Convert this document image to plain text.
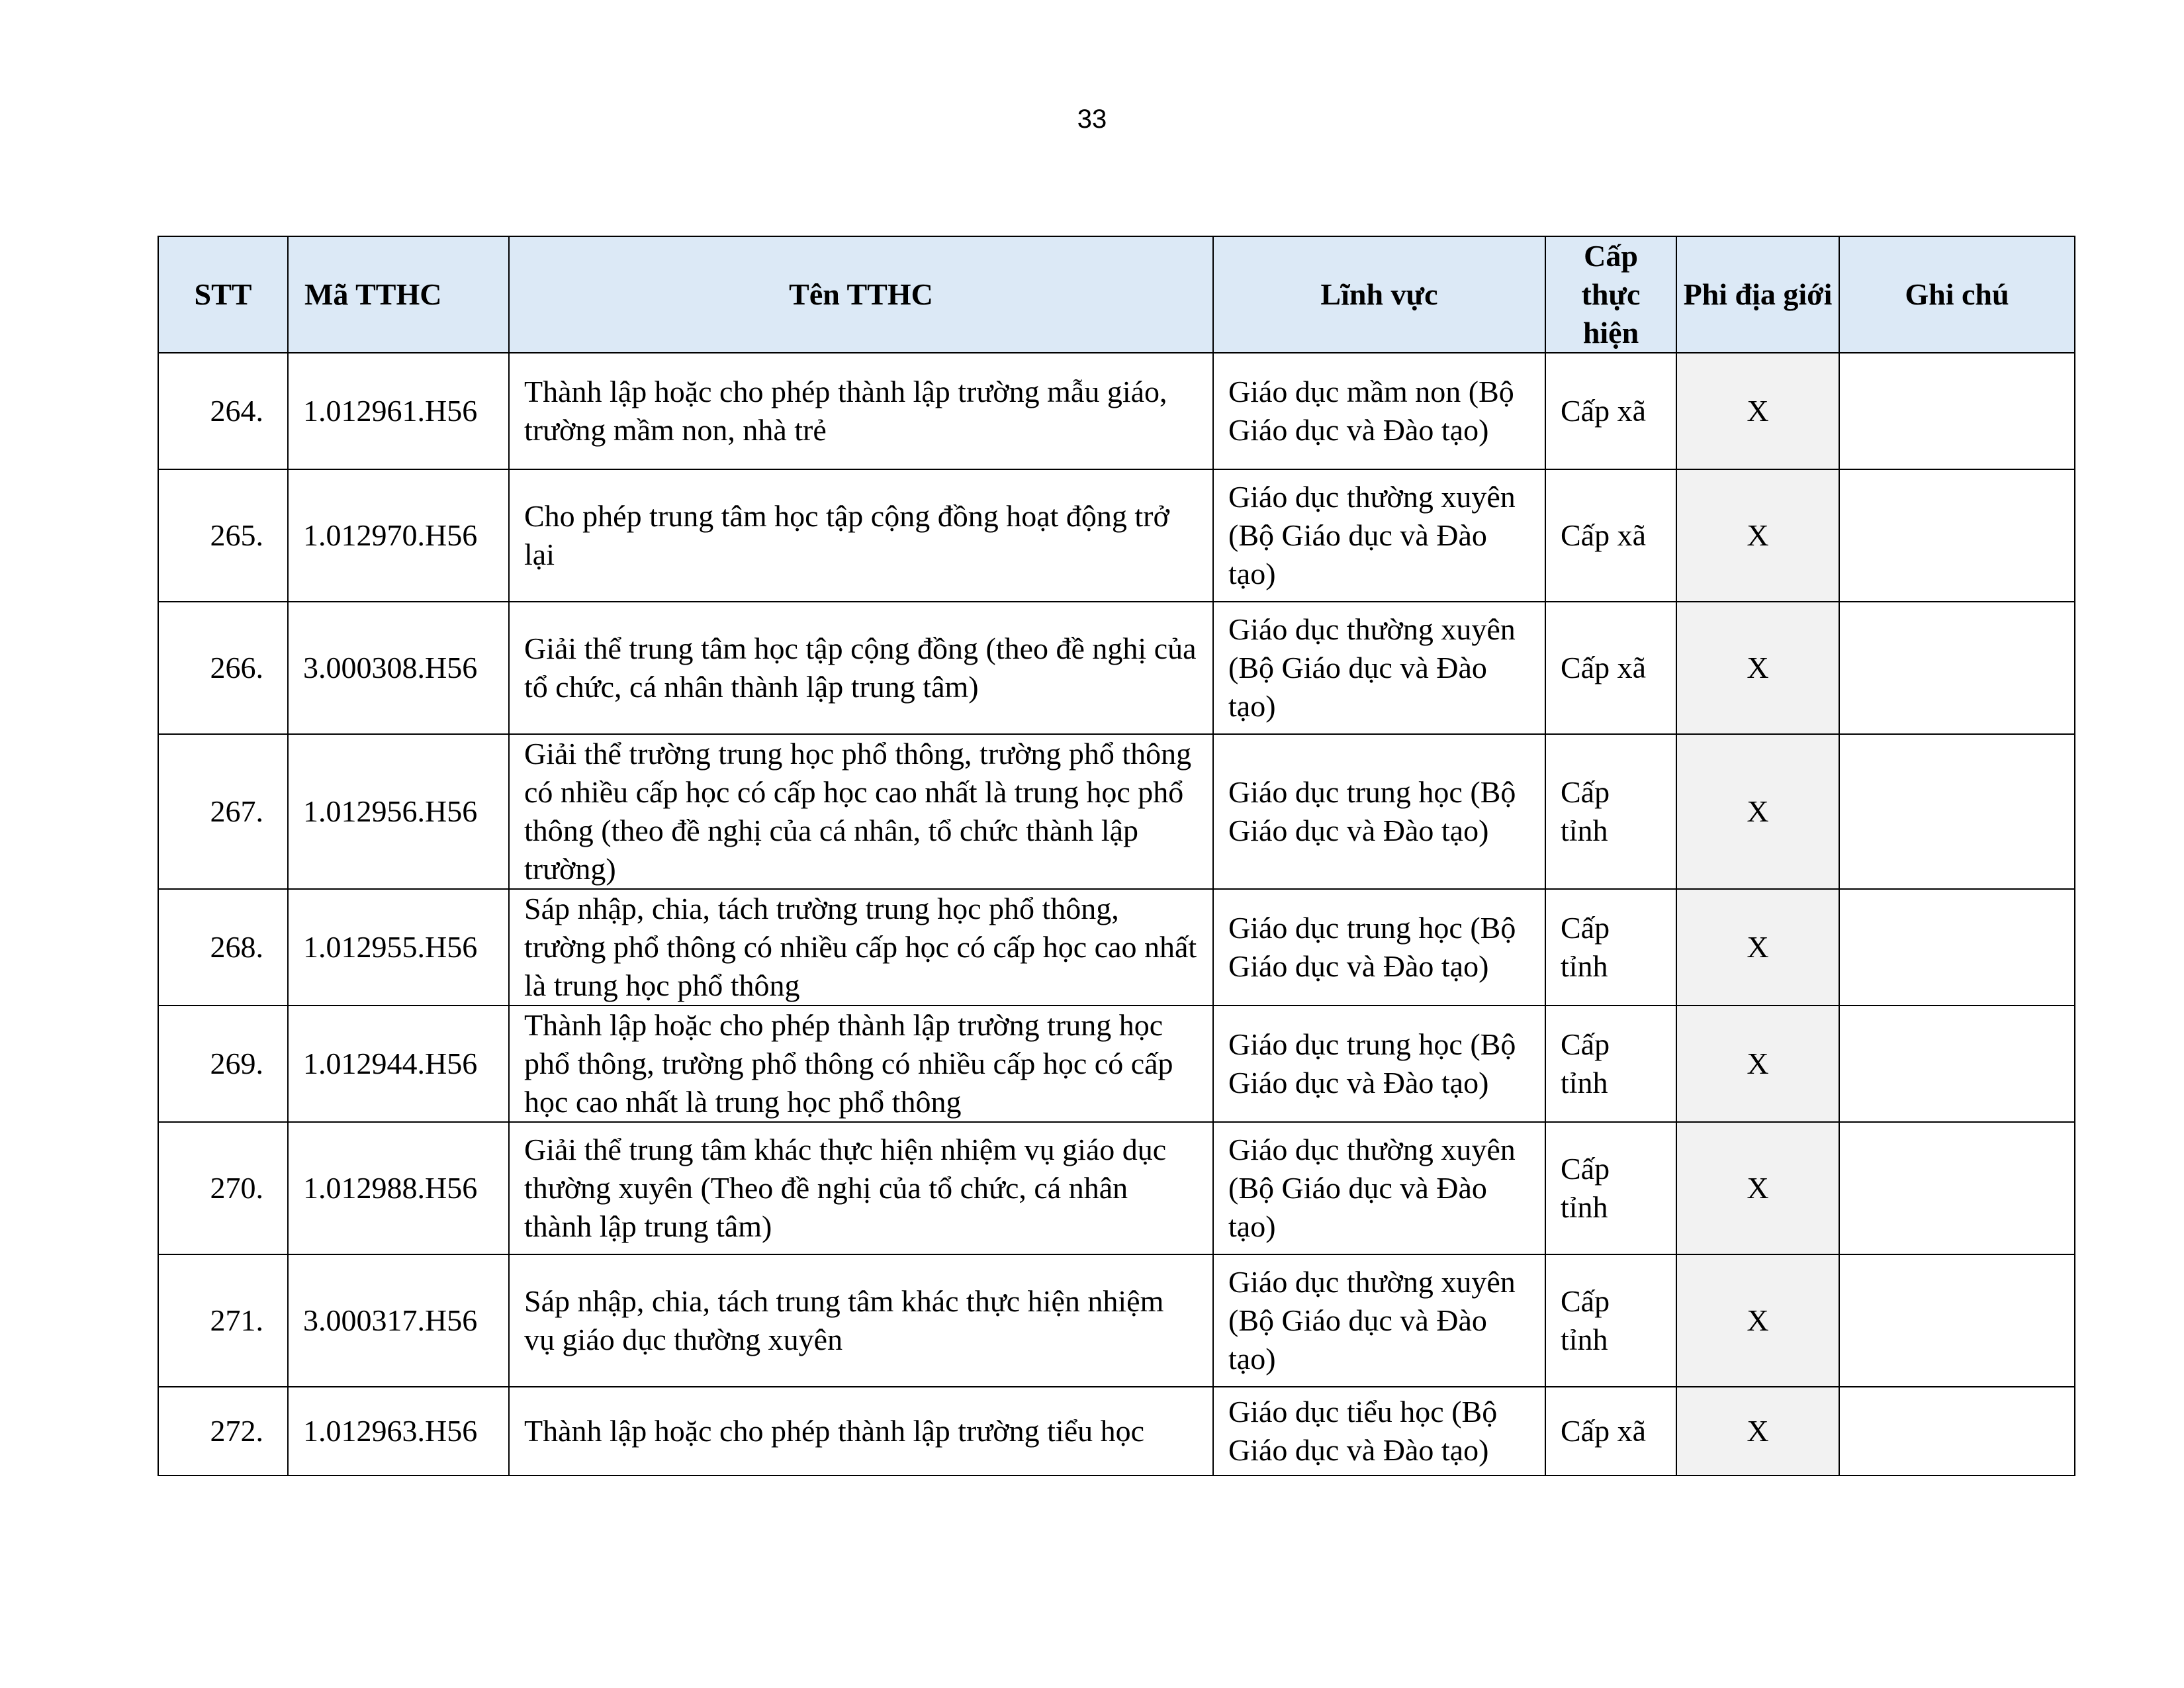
33
STT	Mã TTHC	Tên TTHC	Lĩnh vực	Cấp thực hiện	Phi địa giới	Ghi chú
264.	1.012961.H56	Thành lập hoặc cho phép thành lập trường mẫu giáo, trường mầm non, nhà trẻ	Giáo dục mầm non (Bộ Giáo dục và Đào tạo)	Cấp xã	X	
265.	1.012970.H56	Cho phép trung tâm học tập cộng đồng hoạt động trở lại	Giáo dục thường xuyên (Bộ Giáo dục và Đào tạo)	Cấp xã	X	
266.	3.000308.H56	Giải thể trung tâm học tập cộng đồng (theo đề nghị của tổ chức, cá nhân thành lập trung tâm)	Giáo dục thường xuyên (Bộ Giáo dục và Đào tạo)	Cấp xã	X	
267.	1.012956.H56	Giải thể trường trung học phổ thông, trường phổ thông có nhiều cấp học có cấp học cao nhất là trung học phổ thông (theo đề nghị của cá nhân, tổ chức thành lập trường)	Giáo dục trung học (Bộ Giáo dục và Đào tạo)	Cấp tỉnh	X	
268.	1.012955.H56	Sáp nhập, chia, tách trường trung học phổ thông, trường phổ thông có nhiều cấp học có cấp học cao nhất là trung học phổ thông	Giáo dục trung học (Bộ Giáo dục và Đào tạo)	Cấp tỉnh	X	
269.	1.012944.H56	Thành lập hoặc cho phép thành lập trường trung học phổ thông, trường phổ thông có nhiều cấp học có cấp học cao nhất là trung học phổ thông	Giáo dục trung học (Bộ Giáo dục và Đào tạo)	Cấp tỉnh	X	
270.	1.012988.H56	Giải thể trung tâm khác thực hiện nhiệm vụ giáo dục thường xuyên (Theo đề nghị của tổ chức, cá nhân thành lập trung tâm)	Giáo dục thường xuyên (Bộ Giáo dục và Đào tạo)	Cấp tỉnh	X	
271.	3.000317.H56	Sáp nhập, chia, tách trung tâm khác thực hiện nhiệm vụ giáo dục thường xuyên	Giáo dục thường xuyên (Bộ Giáo dục và Đào tạo)	Cấp tỉnh	X	
272.	1.012963.H56	Thành lập hoặc cho phép thành lập trường tiểu học	Giáo dục tiểu học (Bộ Giáo dục và Đào tạo)	Cấp xã	X	
